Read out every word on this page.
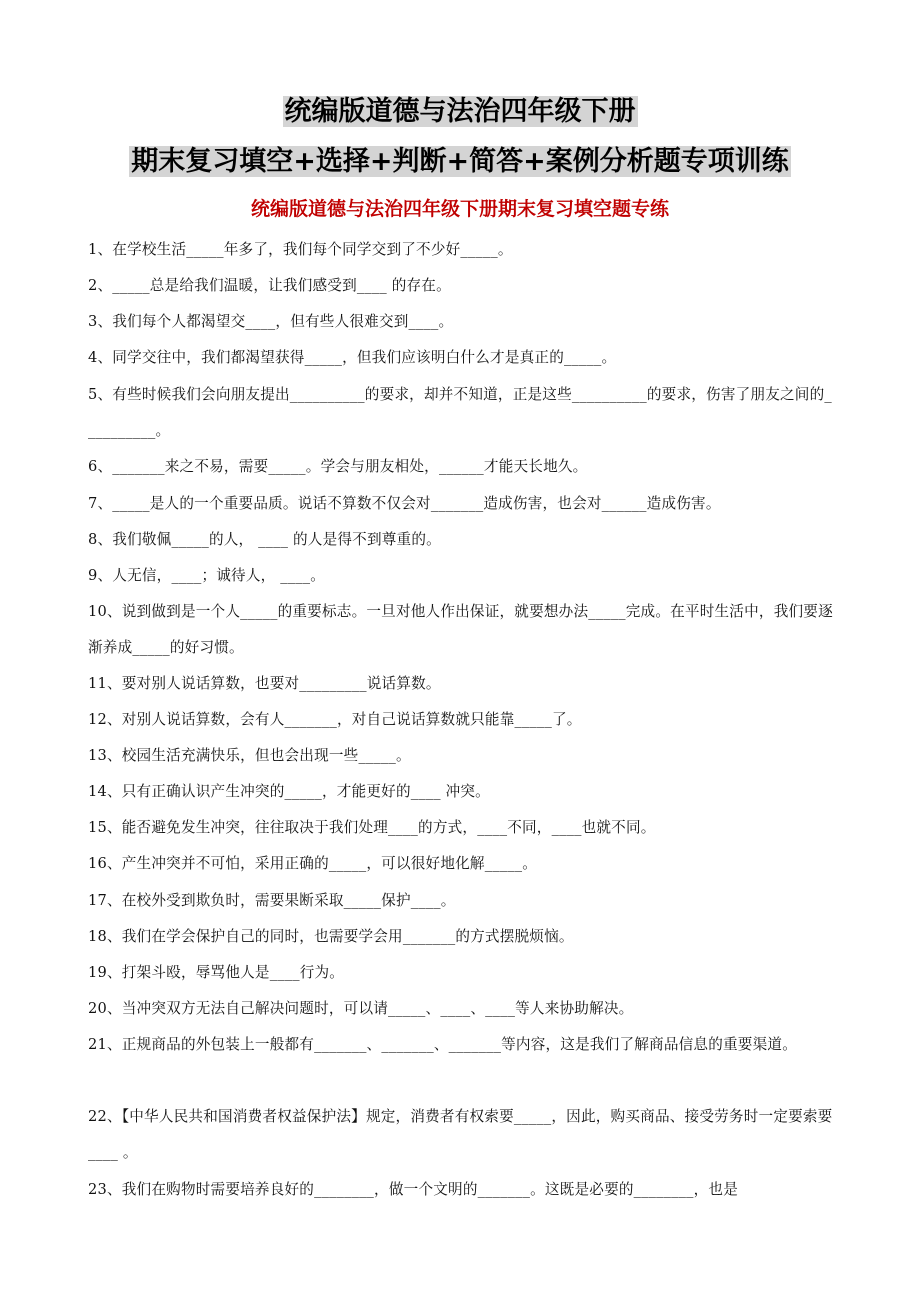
统编版道德与法治四年级下册
期末复习填空+选择+判断+简答+案例分析题专项训练
统编版道德与法治四年级下册期末复习填空题专练
1、在学校生活_____年多了，我们每个同学交到了不少好_____。
2、_____总是给我们温暖，让我们感受到____ 的存在。
3、我们每个人都渴望交____，但有些人很难交到____。
4、同学交往中，我们都渴望获得_____，但我们应该明白什么才是真正的_____。
5、有些时候我们会向朋友提出__________的要求，却并不知道，正是这些__________的要求，伤害了朋友之间的__________。
6、_______来之不易，需要_____。学会与朋友相处，______才能天长地久。
7、_____是人的一个重要品质。说话不算数不仅会对_______造成伤害，也会对______造成伤害。
8、我们敬佩_____的人， ____ 的人是得不到尊重的。
9、人无信，____；诚待人， ____。
10、说到做到是一个人_____的重要标志。一旦对他人作出保证，就要想办法_____完成。在平时生活中，我们要逐渐养成_____的好习惯。
11、要对别人说话算数，也要对_________说话算数。
12、对别人说话算数，会有人_______，对自己说话算数就只能靠_____了。
13、校园生活充满快乐，但也会出现一些_____。
14、只有正确认识产生冲突的_____，才能更好的____ 冲突。
15、能否避免发生冲突，往往取决于我们处理____的方式，____不同，____也就不同。
16、产生冲突并不可怕，采用正确的_____，可以很好地化解_____。
17、在校外受到欺负时，需要果断采取_____保护____。
18、我们在学会保护自己的同时，也需要学会用_______的方式摆脱烦恼。
19、打架斗殴，辱骂他人是____行为。
20、当冲突双方无法自己解决问题时，可以请_____、____、____等人来协助解决。
21、正规商品的外包装上一般都有_______、_______、_______等内容，这是我们了解商品信息的重要渠道。
22、【中华人民共和国消费者权益保护法】规定，消费者有权索要_____，因此，购买商品、接受劳务时一定要索要____ 。
23、我们在购物时需要培养良好的________，做一个文明的_______。这既是必要的________，也是
